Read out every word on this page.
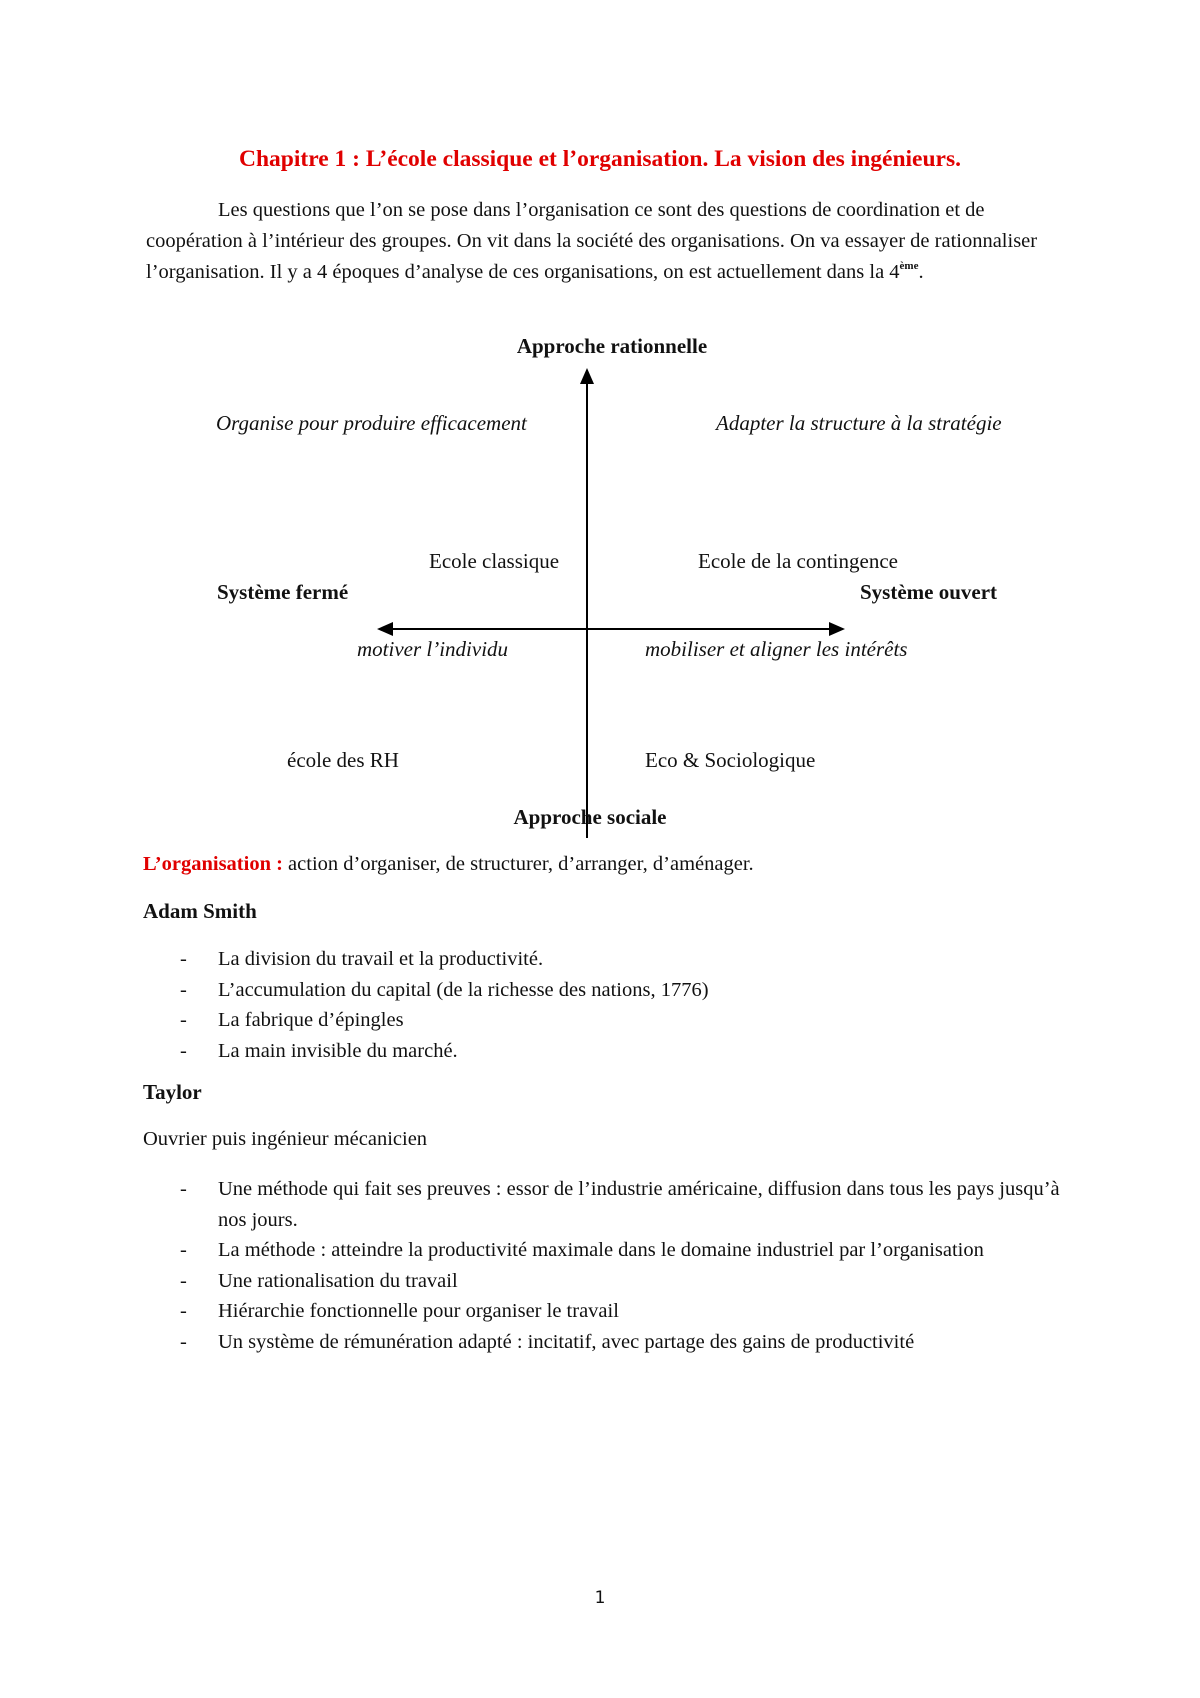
Chapitre 1 : L’école classique et l’organisation. La vision des ingénieurs.
Les questions que l’on se pose dans l’organisation ce sont des questions de coordination et de coopération à l’intérieur des groupes. On vit dans la société des organisations. On va essayer de rationnaliser l’organisation. Il y a 4 époques d’analyse de ces organisations, on est actuellement dans la 4ème.
Approche rationnelle
Organise pour produire efficacement	Adapter la structure à la stratégie
Ecole classique	Ecole de la contingence
Système fermé	Système ouvert
motiver l’individu	mobiliser et aligner les intérêts
école des RH	Eco & Sociologique
Approche sociale
L’organisation : action d’organiser, de structurer, d’arranger, d’aménager.
Adam Smith
- La division du travail et la productivité.
- L’accumulation du capital (de la richesse des nations, 1776)
- La fabrique d’épingles
- La main invisible du marché.
Taylor
Ouvrier puis ingénieur mécanicien
- Une méthode qui fait ses preuves : essor de l’industrie américaine, diffusion dans tous les pays jusqu’à nos jours.
- La méthode : atteindre la productivité maximale dans le domaine industriel par l’organisation
- Une rationalisation du travail
- Hiérarchie fonctionnelle pour organiser le travail
- Un système de rémunération adapté : incitatif, avec partage des gains de productivité
1
